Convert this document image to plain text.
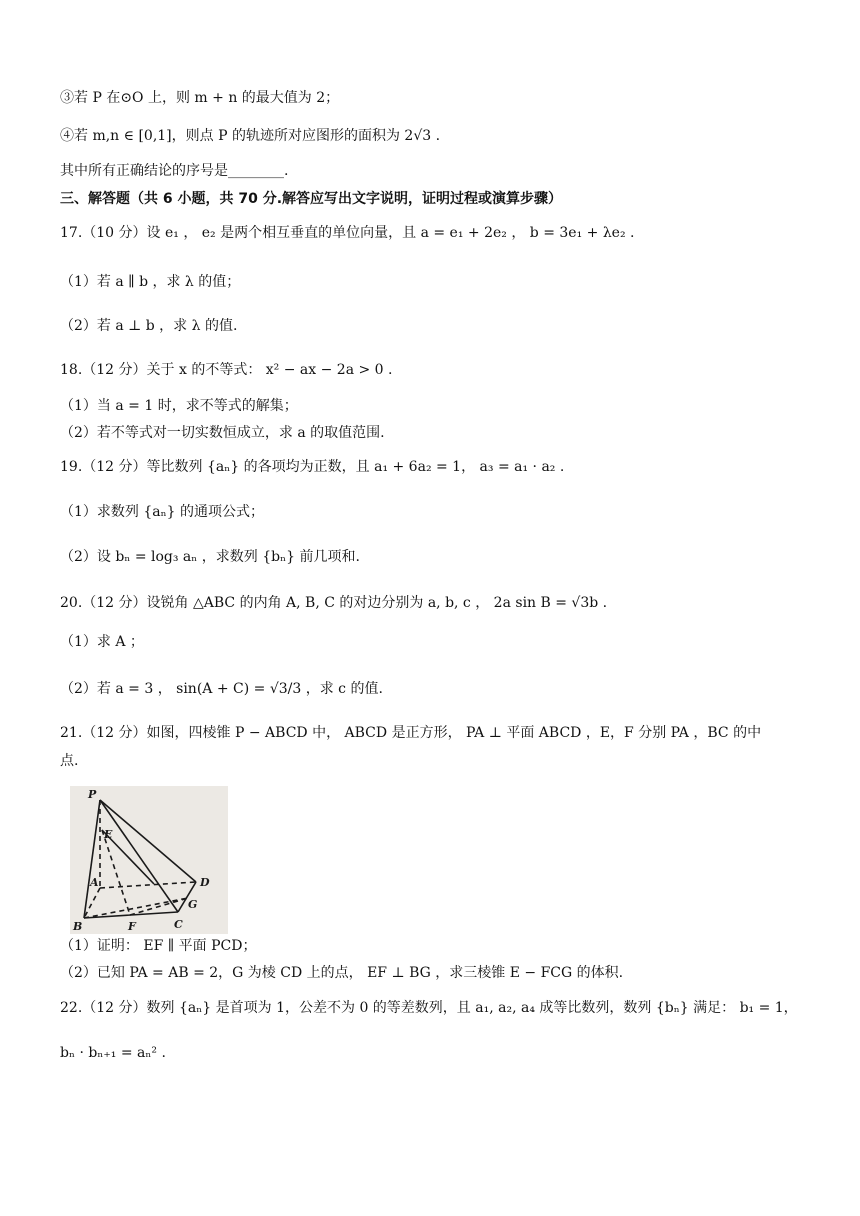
③若 P 在⊙O 上，则 m + n 的最大值为 2；
④若 m,n ∈ [0,1]，则点 P 的轨迹所对应图形的面积为 2√3 .
其中所有正确结论的序号是________.
三、解答题（共 6 小题，共 70 分.解答应写出文字说明，证明过程或演算步骤）
17.（10 分）设 e₁ ， e₂ 是两个相互垂直的单位向量，且 a = e₁ + 2e₂ ， b = 3e₁ + λe₂ .
（1）若 a ∥ b ，求 λ 的值；
（2）若 a ⊥ b ，求 λ 的值.
18.（12 分）关于 x 的不等式： x² − ax − 2a > 0 .
（1）当 a = 1 时，求不等式的解集；
（2）若不等式对一切实数恒成立，求 a 的取值范围.
19.（12 分）等比数列 {aₙ} 的各项均为正数，且 a₁ + 6a₂ = 1， a₃ = a₁ · a₂ .
（1）求数列 {aₙ} 的通项公式；
（2）设 bₙ = log₃ aₙ ，求数列 {bₙ} 前几项和.
20.（12 分）设锐角 △ABC 的内角 A, B, C 的对边分别为 a, b, c ， 2a sin B = √3b .
（1）求 A ；
（2）若 a = 3 ， sin(A + C) = √3/3 ，求 c 的值.
21.（12 分）如图，四棱锥 P − ABCD 中， ABCD 是正方形， PA ⊥ 平面 ABCD ，E，F 分别 PA ，BC 的中
点.
（1）证明： EF ∥ 平面 PCD；
（2）已知 PA = AB = 2，G 为棱 CD 上的点， EF ⊥ BG ，求三棱锥 E − FCG 的体积.
22.（12 分）数列 {aₙ} 是首项为 1，公差不为 0 的等差数列，且 a₁, a₂, a₄ 成等比数列，数列 {bₙ} 满足： b₁ = 1，
bₙ · bₙ₊₁ = aₙ² .
P
E
A	D
G
B	F	C
